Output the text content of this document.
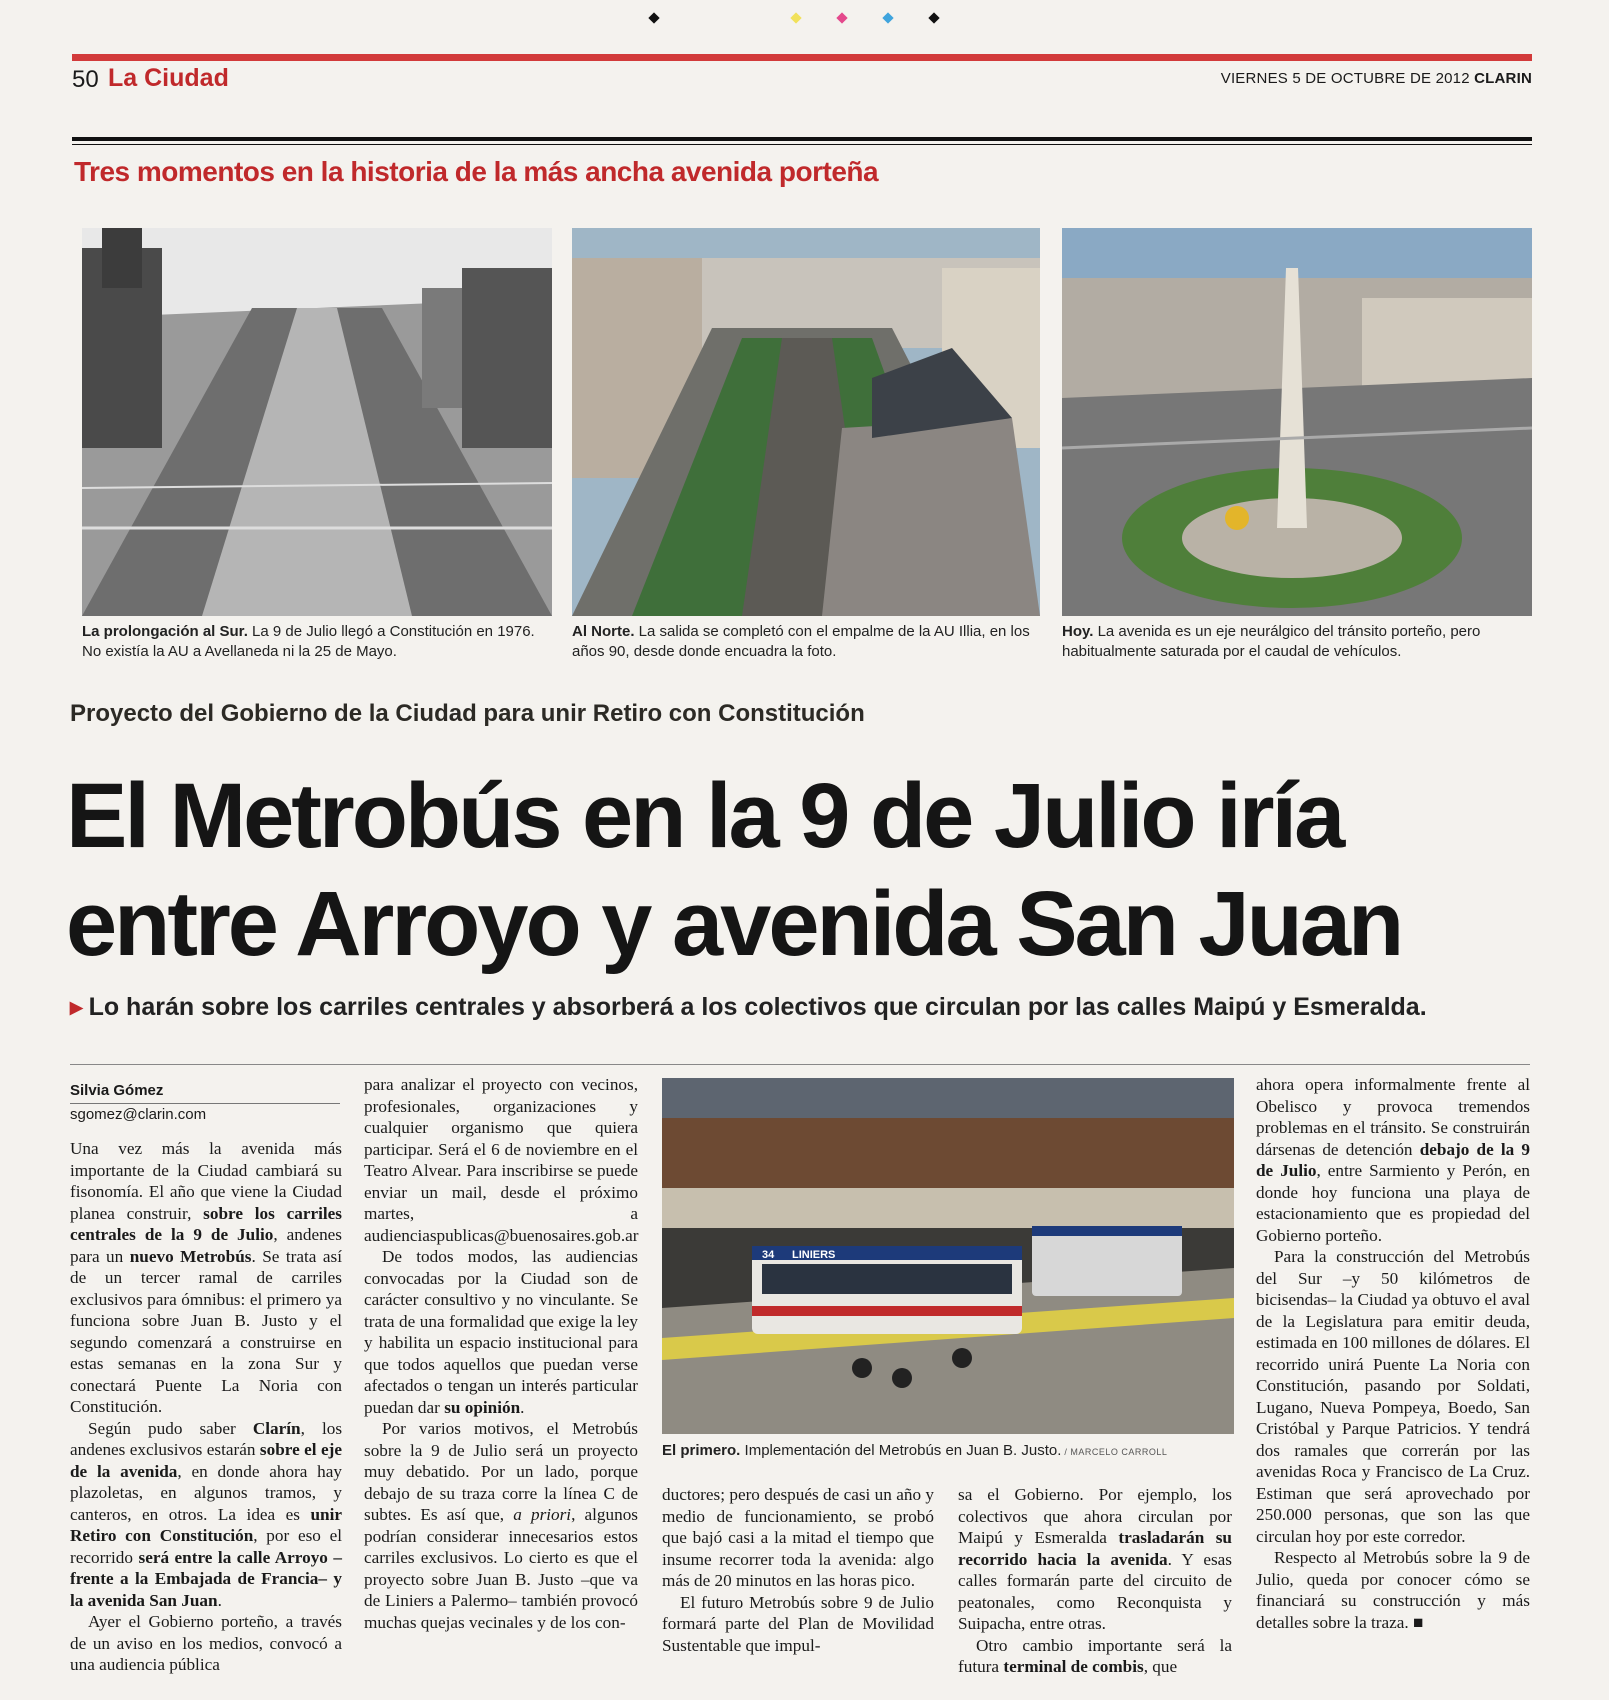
50 La Ciudad	VIERNES 5 DE OCTUBRE DE 2012 CLARIN
Tres momentos en la historia de la más ancha avenida porteña
La prolongación al Sur. La 9 de Julio llegó a Constitución en 1976. No existía la AU a Avellaneda ni la 25 de Mayo.
Al Norte. La salida se completó con el empalme de la AU Illia, en los años 90, desde donde encuadra la foto.
Hoy. La avenida es un eje neurálgico del tránsito porteño, pero habitualmente saturada por el caudal de vehículos.
Proyecto del Gobierno de la Ciudad para unir Retiro con Constitución
El Metrobús en la 9 de Julio iría
entre Arroyo y avenida San Juan
▸ Lo harán sobre los carriles centrales y absorberá a los colectivos que circulan por las calles Maipú y Esmeralda.
Silvia Gómez
sgomez@clarin.com

Una vez más la avenida más importante de la Ciudad cambiará su fisonomía. El año que viene la Ciudad planea construir, sobre los carriles centrales de la 9 de Julio, andenes para un nuevo Metrobús. Se trata así de un tercer ramal de carriles exclusivos para ómnibus: el primero ya funciona sobre Juan B. Justo y el segundo comenzará a construirse en estas semanas en la zona Sur y conectará Puente La Noria con Constitución.

Según pudo saber Clarín, los andenes exclusivos estarán sobre el eje de la avenida, en donde ahora hay plazoletas, en algunos tramos, y canteros, en otros. La idea es unir Retiro con Constitución, por eso el recorrido será entre la calle Arroyo –frente a la Embajada de Francia– y la avenida San Juan.

Ayer el Gobierno porteño, a través de un aviso en los medios, convocó a una audiencia pública

para analizar el proyecto con vecinos, profesionales, organizaciones y cualquier organismo que quiera participar. Será el 6 de noviembre en el Teatro Alvear. Para inscribirse se puede enviar un mail, desde el próximo martes, a audienciaspublicas@buenosaires.gob.ar

De todos modos, las audiencias convocadas por la Ciudad son de carácter consultivo y no vinculante. Se trata de una formalidad que exige la ley y habilita un espacio institucional para que todos aquellos que puedan verse afectados o tengan un interés particular puedan dar su opinión.

Por varios motivos, el Metrobús sobre la 9 de Julio será un proyecto muy debatido. Por un lado, porque debajo de su traza corre la línea C de subtes. Es así que, a priori, algunos podrían considerar innecesarios estos carriles exclusivos. Lo cierto es que el proyecto sobre Juan B. Justo –que va de Liniers a Palermo– también provocó muchas quejas vecinales y de los con-

34 LINIERS
El primero. Implementación del Metrobús en Juan B. Justo. / MARCELO CARROLL

ductores; pero después de casi un año y medio de funcionamiento, se probó que bajó casi a la mitad el tiempo que insume recorrer toda la avenida: algo más de 20 minutos en las horas pico.

El futuro Metrobús sobre 9 de Julio formará parte del Plan de Movilidad Sustentable que impul-

sa el Gobierno. Por ejemplo, los colectivos que ahora circulan por Maipú y Esmeralda trasladarán su recorrido hacia la avenida. Y esas calles formarán parte del circuito de peatonales, como Reconquista y Suipacha, entre otras.

Otro cambio importante será la futura terminal de combis, que

ahora opera informalmente frente al Obelisco y provoca tremendos problemas en el tránsito. Se construirán dársenas de detención debajo de la 9 de Julio, entre Sarmiento y Perón, en donde hoy funciona una playa de estacionamiento que es propiedad del Gobierno porteño.

Para la construcción del Metrobús del Sur –y 50 kilómetros de bicisendas– la Ciudad ya obtuvo el aval de la Legislatura para emitir deuda, estimada en 100 millones de dólares. El recorrido unirá Puente La Noria con Constitución, pasando por Soldati, Lugano, Nueva Pompeya, Boedo, San Cristóbal y Parque Patricios. Y tendrá dos ramales que correrán por las avenidas Roca y Francisco de La Cruz. Estiman que será aprovechado por 250.000 personas, que son las que circulan hoy por este corredor.

Respecto al Metrobús sobre la 9 de Julio, queda por conocer cómo se financiará su construcción y más detalles sobre la traza. ■
